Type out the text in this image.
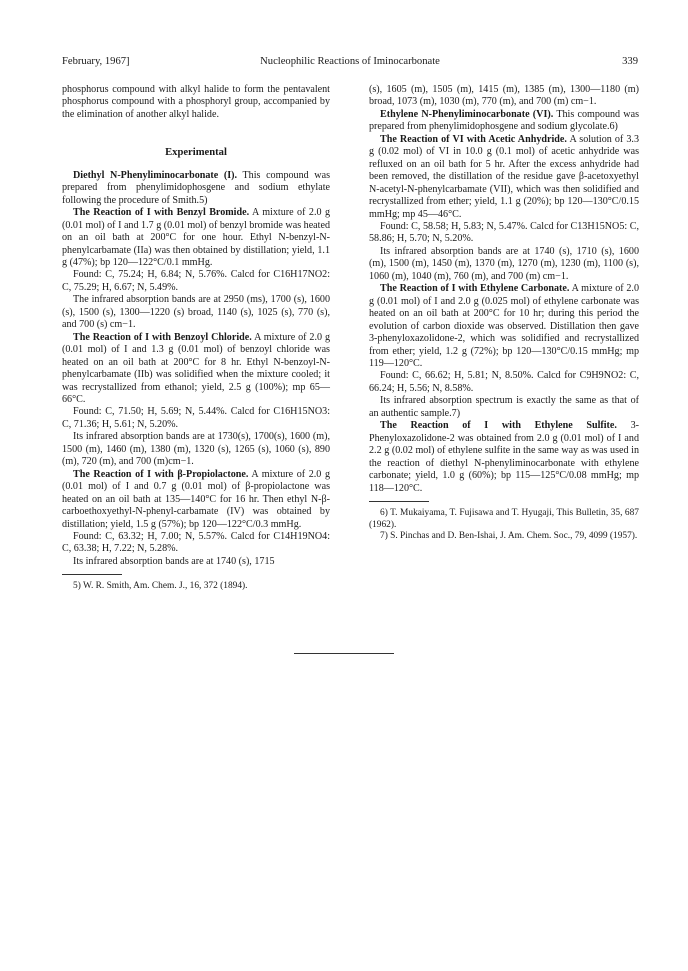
February, 1967]	Nucleophilic Reactions of Iminocarbonate	339

phosphorus compound with alkyl halide to form the pentavalent phosphorus compound with a phosphoryl group, accompanied by the elimination of another alkyl halide.

Experimental

Diethyl N-Phenyliminocarbonate (I). This compound was prepared from phenylimidophosgene and sodium ethylate following the procedure of Smith.5)

The Reaction of I with Benzyl Bromide. A mixture of 2.0 g (0.01 mol) of I and 1.7 g (0.01 mol) of benzyl bromide was heated on an oil bath at 200°C for one hour. Ethyl N-benzyl-N-phenylcarbamate (IIa) was then obtained by distillation; yield, 1.1 g (47%); bp 120—122°C/0.1 mmHg.

Found: C, 75.24; H, 6.84; N, 5.76%. Calcd for C16H17NO2: C, 75.29; H, 6.67; N, 5.49%.

The infrared absorption bands are at 2950 (ms), 1700 (s), 1600 (s), 1500 (s), 1300—1220 (s) broad, 1140 (s), 1025 (s), 770 (s), and 700 (s) cm−1.

The Reaction of I with Benzoyl Chloride. A mixture of 2.0 g (0.01 mol) of I and 1.3 g (0.01 mol) of benzoyl chloride was heated on an oil bath at 200°C for 8 hr. Ethyl N-benzoyl-N-phenylcarbamate (IIb) was solidified when the mixture cooled; it was recrystallized from ethanol; yield, 2.5 g (100%); mp 65—66°C.

Found: C, 71.50; H, 5.69; N, 5.44%. Calcd for C16H15NO3: C, 71.36; H, 5.61; N, 5.20%.

Its infrared absorption bands are at 1730(s), 1700(s), 1600 (m), 1500 (m), 1460 (m), 1380 (m), 1320 (s), 1265 (s), 1060 (s), 890 (m), 720 (m), and 700 (m)cm−1.

The Reaction of I with β-Propiolactone. A mixture of 2.0 g (0.01 mol) of I and 0.7 g (0.01 mol) of β-propiolactone was heated on an oil bath at 135—140°C for 16 hr. Then ethyl N-β-carboethoxyethyl-N-phenyl-carbamate (IV) was obtained by distillation; yield, 1.5 g (57%); bp 120—122°C/0.3 mmHg.

Found: C, 63.32; H, 7.00; N, 5.57%. Calcd for C14H19NO4: C, 63.38; H, 7.22; N, 5.28%.

Its infrared absorption bands are at 1740 (s), 1715

5) W. R. Smith, Am. Chem. J., 16, 372 (1894).

(s), 1605 (m), 1505 (m), 1415 (m), 1385 (m), 1300—1180 (m) broad, 1073 (m), 1030 (m), 770 (m), and 700 (m) cm−1.

Ethylene N-Phenyliminocarbonate (VI). This compound was prepared from phenylimidophosgene and sodium glycolate.6)

The Reaction of VI with Acetic Anhydride. A solution of 3.3 g (0.02 mol) of VI in 10.0 g (0.1 mol) of acetic anhydride was refluxed on an oil bath for 5 hr. After the excess anhydride had been removed, the distillation of the residue gave β-acetoxyethyl N-acetyl-N-phenylcarbamate (VII), which was then solidified and recrystallized from ether; yield, 1.1 g (20%); bp 120—130°C/0.15 mmHg; mp 45—46°C.

Found: C, 58.58; H, 5.83; N, 5.47%. Calcd for C13H15NO5: C, 58.86; H, 5.70; N, 5.20%.

Its infrared absorption bands are at 1740 (s), 1710 (s), 1600 (m), 1500 (m), 1450 (m), 1370 (m), 1270 (m), 1230 (m), 1100 (s), 1060 (m), 1040 (m), 760 (m), and 700 (m) cm−1.

The Reaction of I with Ethylene Carbonate. A mixture of 2.0 g (0.01 mol) of I and 2.0 g (0.025 mol) of ethylene carbonate was heated on an oil bath at 200°C for 10 hr; during this period the evolution of carbon dioxide was observed. Distillation then gave 3-phenyloxazolidone-2, which was solidified and recrystallized from ether; yield, 1.2 g (72%); bp 120—130°C/0.15 mmHg; mp 119—120°C.

Found: C, 66.62; H, 5.81; N, 8.50%. Calcd for C9H9NO2: C, 66.24; H, 5.56; N, 8.58%.

Its infrared absorption spectrum is exactly the same as that of an authentic sample.7)

The Reaction of I with Ethylene Sulfite. 3-Phenyloxazolidone-2 was obtained from 2.0 g (0.01 mol) of I and 2.2 g (0.02 mol) of ethylene sulfite in the same way as was used in the reaction of diethyl N-phenyliminocarbonate with ethylene carbonate; yield, 1.0 g (60%); bp 115—125°C/0.08 mmHg; mp 118—120°C.

6) T. Mukaiyama, T. Fujisawa and T. Hyugaji, This Bulletin, 35, 687 (1962).

7) S. Pinchas and D. Ben-Ishai, J. Am. Chem. Soc., 79, 4099 (1957).
